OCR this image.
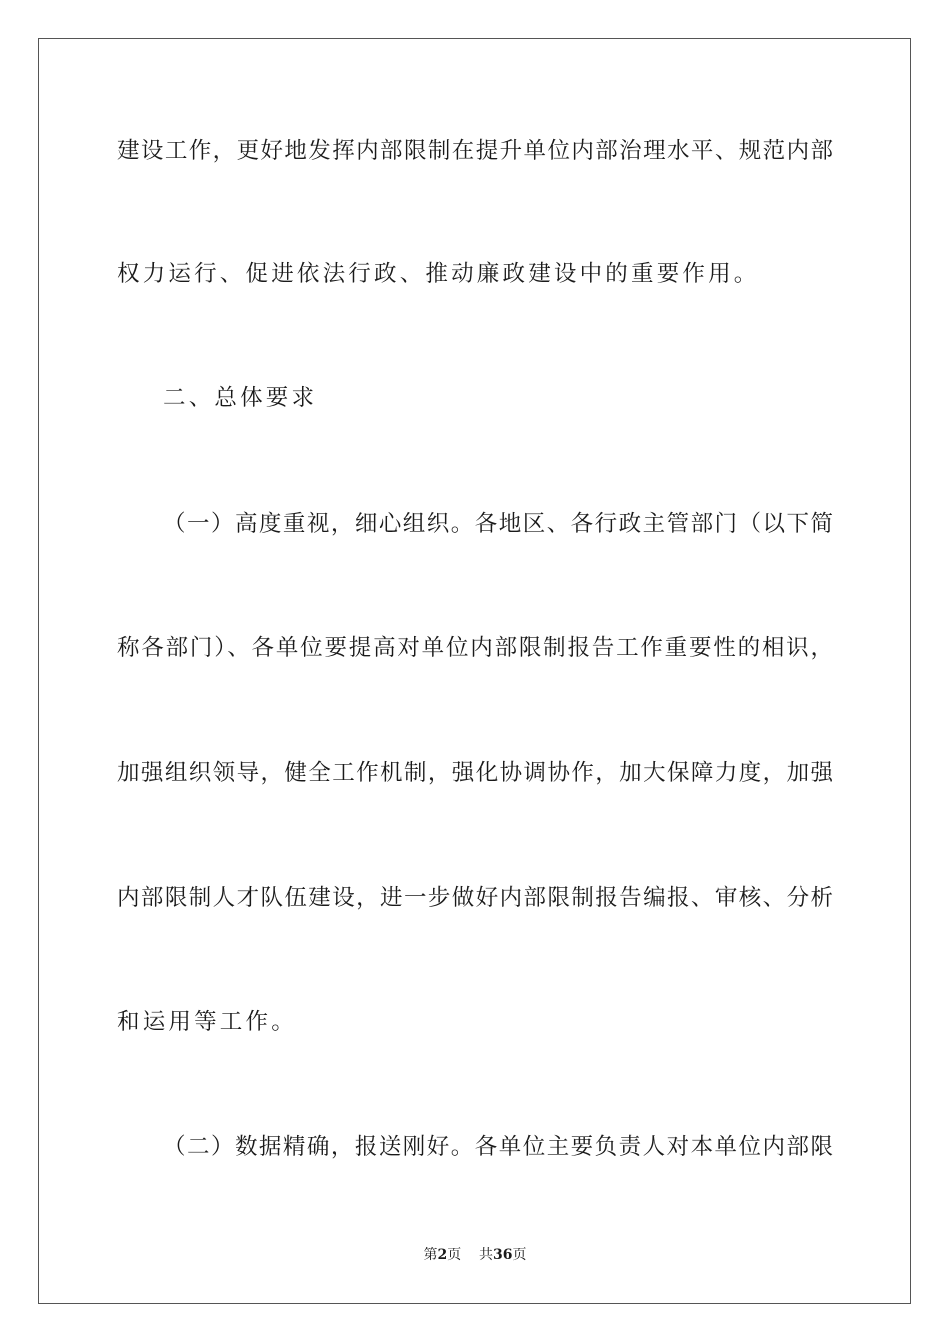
建设工作，更好地发挥内部限制在提升单位内部治理水平、规范内部
权力运行、促进依法行政、推动廉政建设中的重要作用。
二、总体要求
（一）高度重视，细心组织。各地区、各行政主管部门（以下简
称各部门）、各单位要提高对单位内部限制报告工作重要性的相识，
加强组织领导，健全工作机制，强化协调协作，加大保障力度，加强
内部限制人才队伍建设，进一步做好内部限制报告编报、审核、分析
和运用等工作。
（二）数据精确，报送刚好。各单位主要负责人对本单位内部限
第2页 共36页
